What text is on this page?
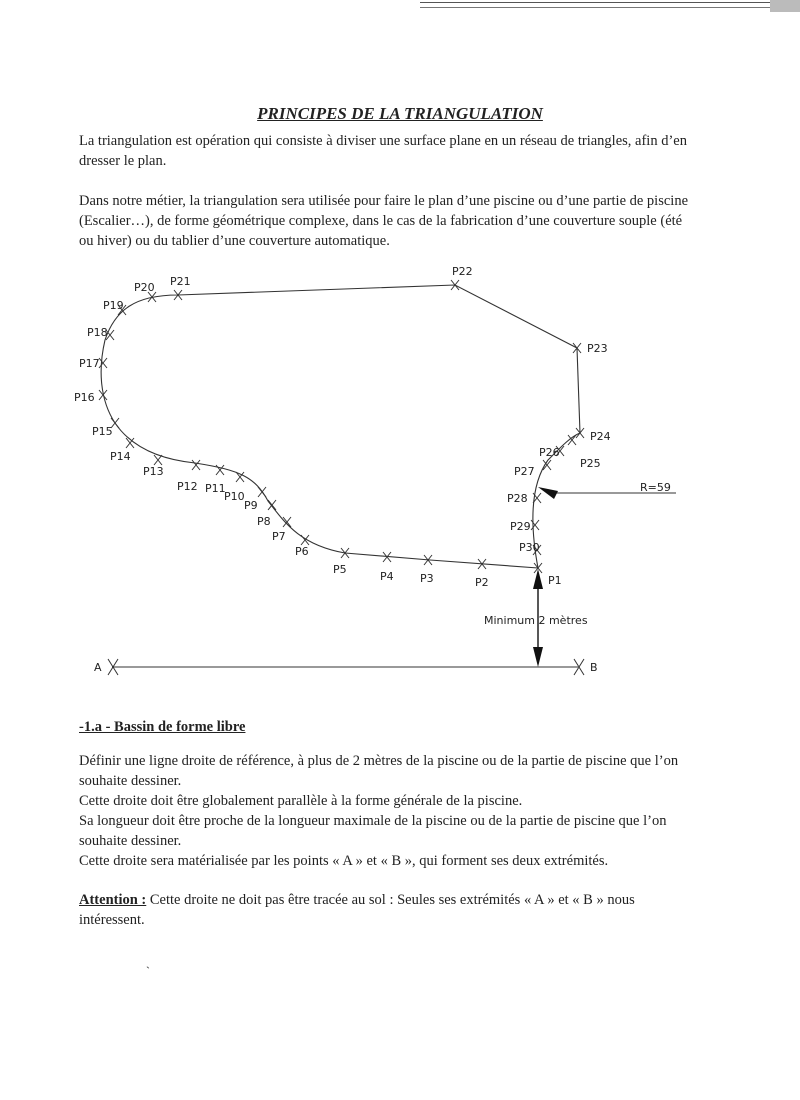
PRINCIPES DE LA TRIANGULATION

La triangulation est opération qui consiste à diviser une surface plane en un réseau de triangles, afin d’en dresser le plan.

Dans notre métier, la triangulation sera utilisée pour faire le plan d’une piscine ou d’une partie de piscine (Escalier…), de forme géométrique complexe, dans le cas de la fabrication d’une couverture souple (été ou hiver) ou du tablier d’une couverture automatique.

P1
P2
P3
P4
P5
P6
P7
P8
P9
P10
P11
P12
P13
P14
P15
P16
P17
P18
P19
P20 P21
P22
P23
P24
P25
P26
P27
P28
P29
P30
R=59
Minimum 2 mètres
A	B

-1.a - Bassin de forme libre

Définir une ligne droite de référence, à plus de 2 mètres de la piscine ou de la partie de piscine que l’on souhaite dessiner.

Cette droite doit être globalement parallèle à la forme générale de la piscine.

Sa longueur doit être proche de la longueur maximale de la piscine ou de la partie de piscine que l’on souhaite dessiner.

Cette droite sera matérialisée par les points « A » et « B », qui forment ses deux extrémités.

Attention : Cette droite ne doit pas être tracée au sol : Seules ses extrémités « A » et « B » nous intéressent.

ˋ
